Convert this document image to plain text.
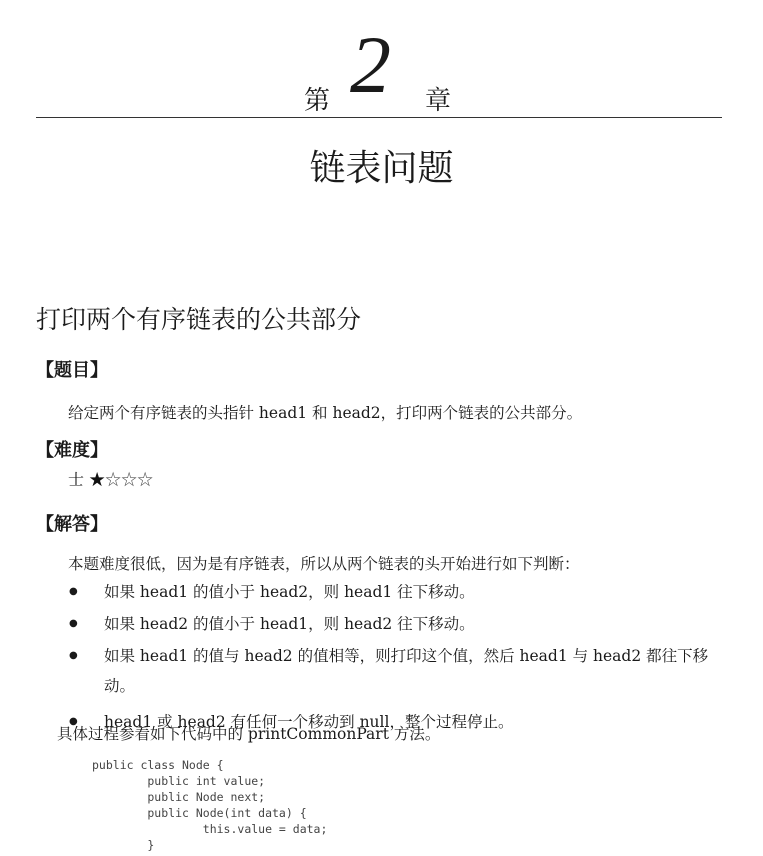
第 2 章
链表问题
打印两个有序链表的公共部分
【题目】
给定两个有序链表的头指针 head1 和 head2，打印两个链表的公共部分。
【难度】
士 ★☆☆☆
【解答】
本题难度很低，因为是有序链表，所以从两个链表的头开始进行如下判断：
● 如果 head1 的值小于 head2，则 head1 往下移动。
● 如果 head2 的值小于 head1，则 head2 往下移动。
● 如果 head1 的值与 head2 的值相等，则打印这个值，然后 head1 与 head2 都往下移动。
● head1 或 head2 有任何一个移动到 null，整个过程停止。
具体过程参看如下代码中的 printCommonPart 方法。
public class Node {
public int value;
public Node next;
public Node(int data) {
this.value = data;
}
